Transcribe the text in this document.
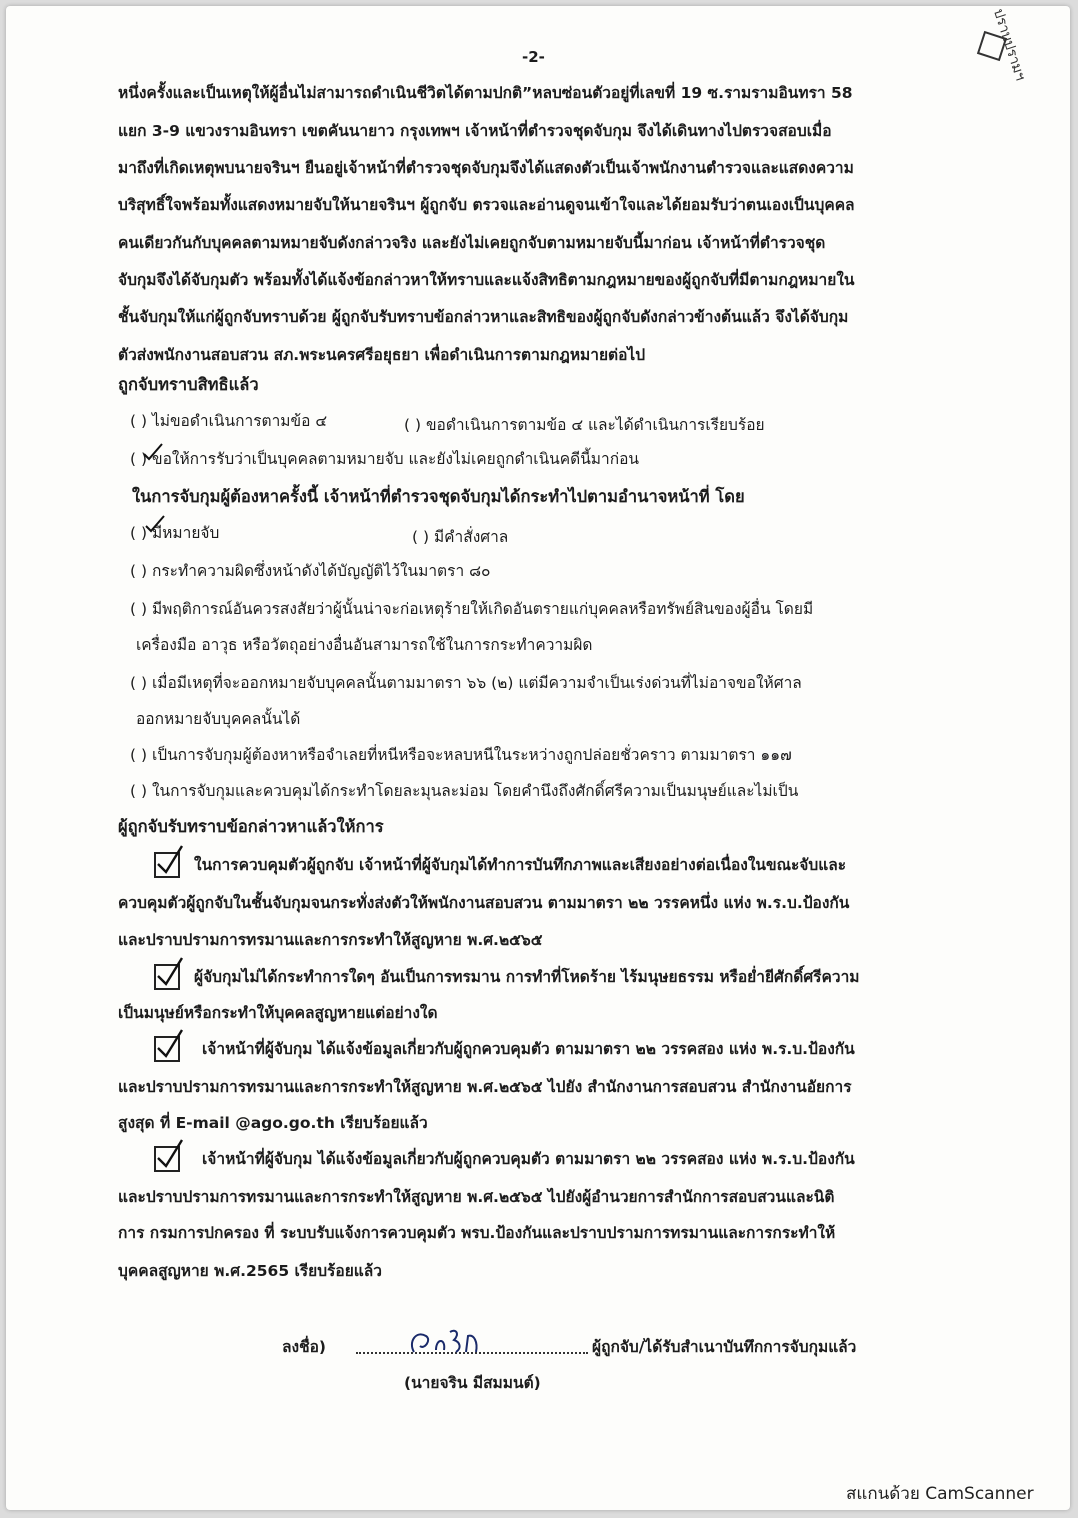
ปราบปรามฯ
-2-
หนึ่งครั้งและเป็นเหตุให้ผู้อื่นไม่สามารถดำเนินชีวิตได้ตามปกติ”หลบซ่อนตัวอยู่ที่เลขที่ 19 ซ.รามรามอินทรา 58
แยก 3-9 แขวงรามอินทรา เขตคันนายาว กรุงเทพฯ เจ้าหน้าที่ตำรวจชุดจับกุม จึงได้เดินทางไปตรวจสอบเมื่อ
มาถึงที่เกิดเหตุพบนายจรินฯ ยืนอยู่เจ้าหน้าที่ตำรวจชุดจับกุมจึงได้แสดงตัวเป็นเจ้าพนักงานตำรวจและแสดงความ
บริสุทธิ์ใจพร้อมทั้งแสดงหมายจับให้นายจรินฯ ผู้ถูกจับ ตรวจและอ่านดูจนเข้าใจและได้ยอมรับว่าตนเองเป็นบุคคล
คนเดียวกันกับบุคคลตามหมายจับดังกล่าวจริง และยังไม่เคยถูกจับตามหมายจับนี้มาก่อน เจ้าหน้าที่ตำรวจชุด
จับกุมจึงได้จับกุมตัว พร้อมทั้งได้แจ้งข้อกล่าวหาให้ทราบและแจ้งสิทธิตามกฎหมายของผู้ถูกจับที่มีตามกฎหมายใน
ชั้นจับกุมให้แก่ผู้ถูกจับทราบด้วย ผู้ถูกจับรับทราบข้อกล่าวหาและสิทธิของผู้ถูกจับดังกล่าวข้างต้นแล้ว จึงได้จับกุม
ตัวส่งพนักงานสอบสวน สภ.พระนครศรีอยุธยา เพื่อดำเนินการตามกฎหมายต่อไป
ถูกจับทราบสิทธิแล้ว
( ) ไม่ขอดำเนินการตามข้อ ๔	( ) ขอดำเนินการตามข้อ ๔ และได้ดำเนินการเรียบร้อย
( ) ขอให้การรับว่าเป็นบุคคลตามหมายจับ และยังไม่เคยถูกดำเนินคดีนี้มาก่อน
ในการจับกุมผู้ต้องหาครั้งนี้ เจ้าหน้าที่ตำรวจชุดจับกุมได้กระทำไปตามอำนาจหน้าที่ โดย
( ) มีหมายจับ	( ) มีคำสั่งศาล
( ) กระทำความผิดซึ่งหน้าดังได้บัญญัติไว้ในมาตรา ๘๐
( ) มีพฤติการณ์อันควรสงสัยว่าผู้นั้นน่าจะก่อเหตุร้ายให้เกิดอันตรายแก่บุคคลหรือทรัพย์สินของผู้อื่น โดยมี
เครื่องมือ อาวุธ หรือวัตถุอย่างอื่นอันสามารถใช้ในการกระทำความผิด
( ) เมื่อมีเหตุที่จะออกหมายจับบุคคลนั้นตามมาตรา ๖๖ (๒) แต่มีความจำเป็นเร่งด่วนที่ไม่อาจขอให้ศาล
ออกหมายจับบุคคลนั้นได้
( ) เป็นการจับกุมผู้ต้องหาหรือจำเลยที่หนีหรือจะหลบหนีในระหว่างถูกปล่อยชั่วคราว ตามมาตรา ๑๑๗
( ) ในการจับกุมและควบคุมได้กระทำโดยละมุนละม่อม โดยคำนึงถึงศักดิ์ศรีความเป็นมนุษย์และไม่เป็น
ผู้ถูกจับรับทราบข้อกล่าวหาแล้วให้การ
ในการควบคุมตัวผู้ถูกจับ เจ้าหน้าที่ผู้จับกุมได้ทำการบันทึกภาพและเสียงอย่างต่อเนื่องในขณะจับและ
ควบคุมตัวผู้ถูกจับในชั้นจับกุมจนกระทั่งส่งตัวให้พนักงานสอบสวน ตามมาตรา ๒๒ วรรคหนึ่ง แห่ง พ.ร.บ.ป้องกัน
และปราบปรามการทรมานและการกระทำให้สูญหาย พ.ศ.๒๕๖๕
ผู้จับกุมไม่ได้กระทำการใดๆ อันเป็นการทรมาน การทำที่โหดร้าย ไร้มนุษยธรรม หรือย่ำยีศักดิ์ศรีความ
เป็นมนุษย์หรือกระทำให้บุคคลสูญหายแต่อย่างใด
เจ้าหน้าที่ผู้จับกุม ได้แจ้งข้อมูลเกี่ยวกับผู้ถูกควบคุมตัว ตามมาตรา ๒๒ วรรคสอง แห่ง พ.ร.บ.ป้องกัน
และปราบปรามการทรมานและการกระทำให้สูญหาย พ.ศ.๒๕๖๕ ไปยัง สำนักงานการสอบสวน สำนักงานอัยการ
สูงสุด ที่ E-mail @ago.go.th เรียบร้อยแล้ว
เจ้าหน้าที่ผู้จับกุม ได้แจ้งข้อมูลเกี่ยวกับผู้ถูกควบคุมตัว ตามมาตรา ๒๒ วรรคสอง แห่ง พ.ร.บ.ป้องกัน
และปราบปรามการทรมานและการกระทำให้สูญหาย พ.ศ.๒๕๖๕ ไปยังผู้อำนวยการสำนักการสอบสวนและนิติ
การ กรมการปกครอง ที่ ระบบรับแจ้งการควบคุมตัว พรบ.ป้องกันและปราบปรามการทรมานและการกระทำให้
บุคคลสูญหาย พ.ศ.2565 เรียบร้อยแล้ว
ลงชื่อ)	ผู้ถูกจับ/ได้รับสำเนาบันทึกการจับกุมแล้ว
(นายจริน มีสมมนต์)
สแกนด้วย CamScanner
